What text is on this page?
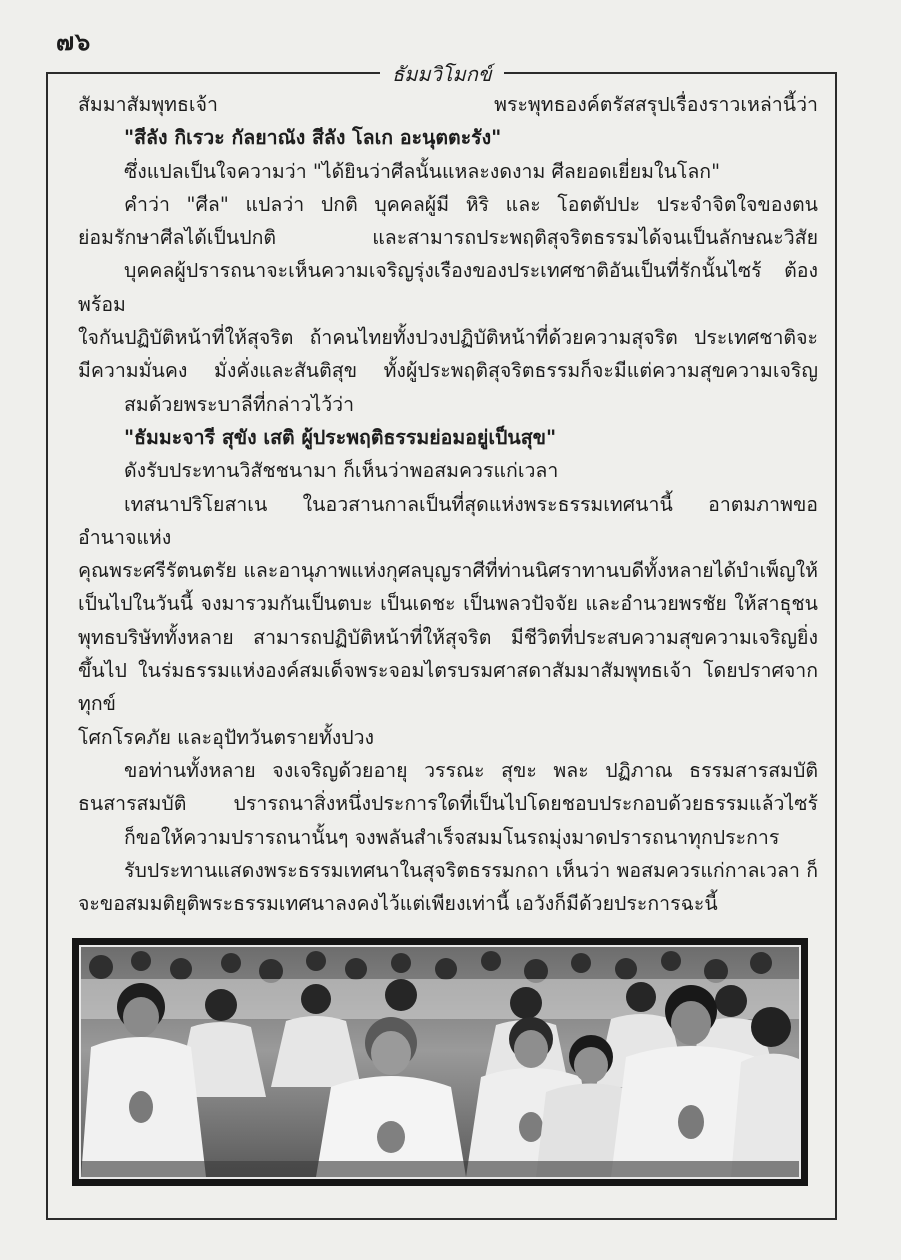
๗๖
ธัมมวิโมกข์

สัมมาสัมพุทธเจ้า พระพุทธองค์ตรัสสรุปเรื่องราวเหล่านี้ว่า

"สีลัง กิเรวะ กัลยาณัง สีลัง โลเก อะนุตตะรัง"

ซึ่งแปลเป็นใจความว่า "ได้ยินว่าศีลนั้นแหละงดงาม ศีลยอดเยี่ยมในโลก"

คำว่า "ศีล" แปลว่า ปกติ บุคคลผู้มี หิริ และ โอตตัปปะ ประจำจิตใจของตน

ย่อมรักษาศีลได้เป็นปกติ และสามารถประพฤติสุจริตธรรมได้จนเป็นลักษณะวิสัย

บุคคลผู้ปรารถนาจะเห็นความเจริญรุ่งเรืองของประเทศชาติอันเป็นที่รักนั้นไซร้ ต้องพร้อม

ใจกันปฏิบัติหน้าที่ให้สุจริต ถ้าคนไทยทั้งปวงปฏิบัติหน้าที่ด้วยความสุจริต ประเทศชาติจะ

มีความมั่นคง มั่งคั่งและสันติสุข ทั้งผู้ประพฤติสุจริตธรรมก็จะมีแต่ความสุขความเจริญ

สมด้วยพระบาลีที่กล่าวไว้ว่า

"ธัมมะจารี สุขัง เสติ ผู้ประพฤติธรรมย่อมอยู่เป็นสุข"

ดังรับประทานวิสัชชนามา ก็เห็นว่าพอสมควรแก่เวลา

เทสนาปริโยสาเน ในอวสานกาลเป็นที่สุดแห่งพระธรรมเทศนานี้ อาตมภาพขออำนาจแห่ง

คุณพระศรีรัตนตรัย และอานุภาพแห่งกุศลบุญราศีที่ท่านนิศราทานบดีทั้งหลายได้บำเพ็ญให้

เป็นไปในวันนี้ จงมารวมกันเป็นตบะ เป็นเดชะ เป็นพลวปัจจัย และอำนวยพรชัย ให้สาธุชน

พุทธบริษัททั้งหลาย สามารถปฏิบัติหน้าที่ให้สุจริต มีชีวิตที่ประสบความสุขความเจริญยิ่ง

ขึ้นไป ในร่มธรรมแห่งองค์สมเด็จพระจอมไตรบรมศาสดาสัมมาสัมพุทธเจ้า โดยปราศจากทุกข์

โศกโรคภัย และอุปัทวันตรายทั้งปวง

ขอท่านทั้งหลาย จงเจริญด้วยอายุ วรรณะ สุขะ พละ ปฏิภาณ ธรรมสารสมบัติ

ธนสารสมบัติ ปรารถนาสิ่งหนึ่งประการใดที่เป็นไปโดยชอบประกอบด้วยธรรมแล้วไซร้

ก็ขอให้ความปรารถนานั้นๆ จงพลันสำเร็จสมมโนรถมุ่งมาดปรารถนาทุกประการ

รับประทานแสดงพระธรรมเทศนาในสุจริตธรรมกถา เห็นว่า พอสมควรแก่กาลเวลา ก็

จะขอสมมติยุติพระธรรมเทศนาลงคงไว้แต่เพียงเท่านี้ เอวังก็มีด้วยประการฉะนี้
